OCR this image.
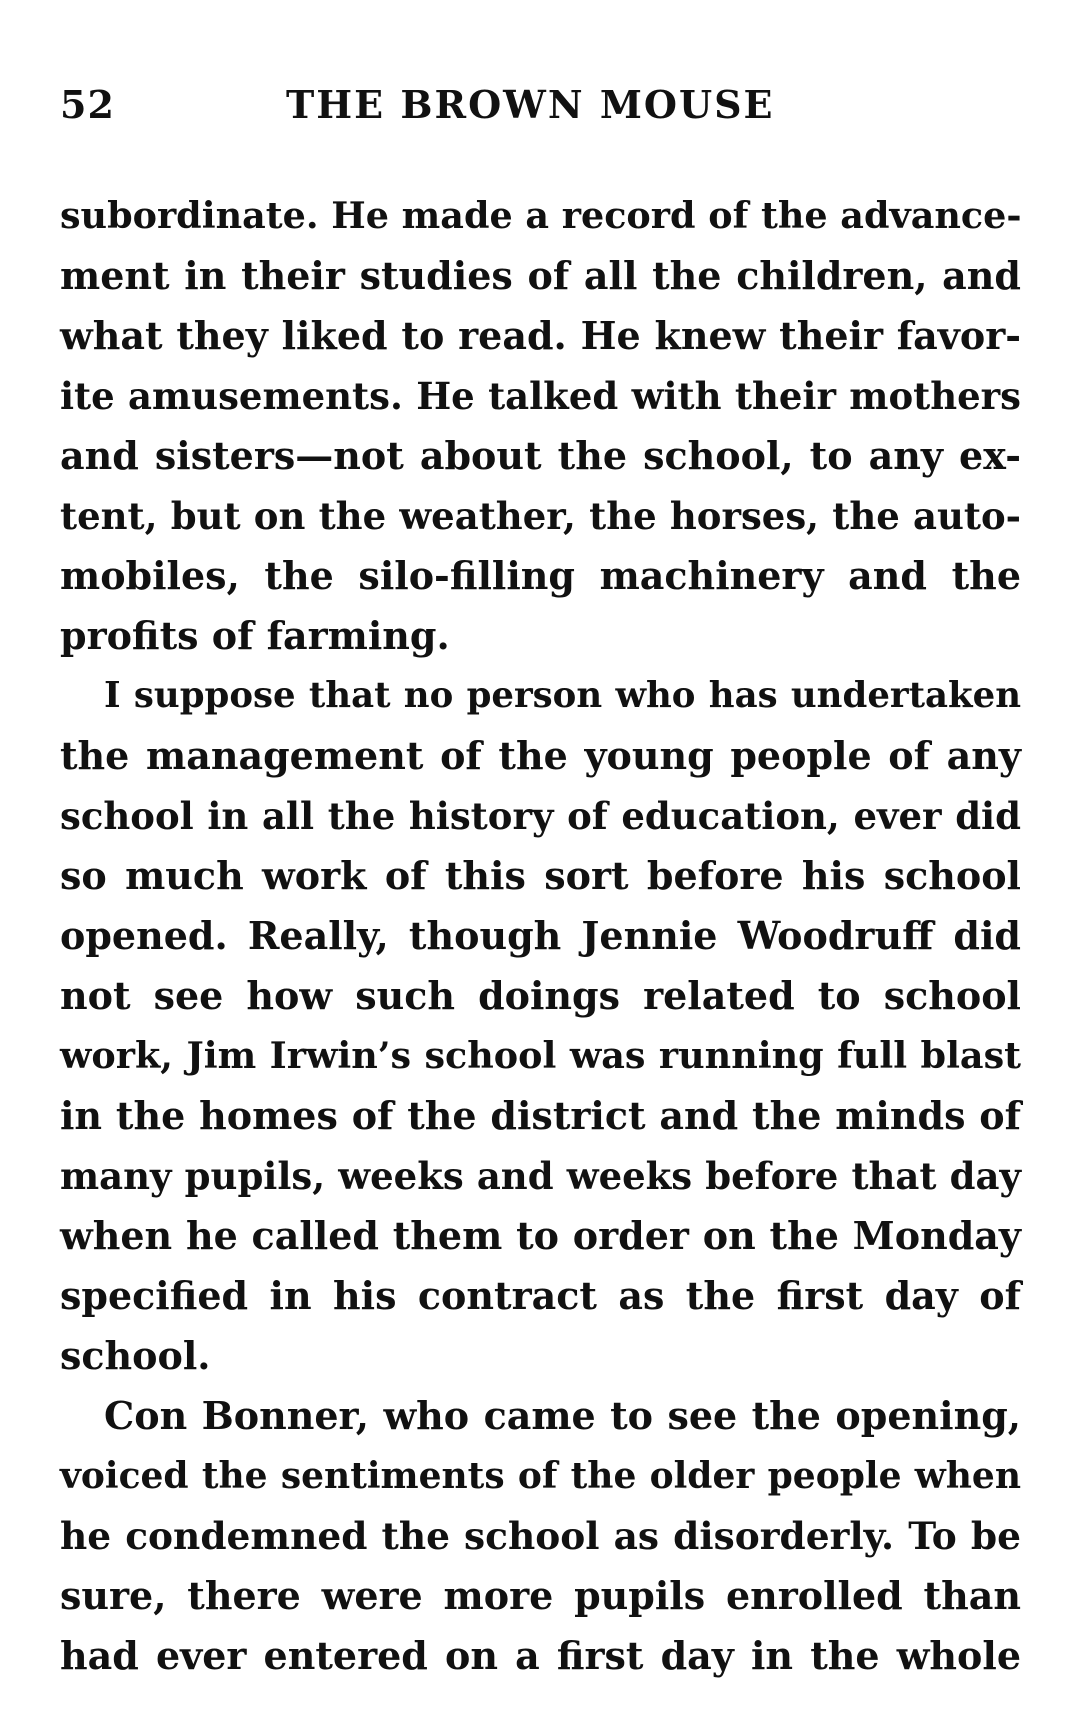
52	THE BROWN MOUSE
subordinate. He made a record of the advance-
ment in their studies of all the children, and
what they liked to read. He knew their favor-
ite amusements. He talked with their mothers
and sisters—not about the school, to any ex-
tent, but on the weather, the horses, the auto-
mobiles, the silo-filling machinery and the
profits of farming.
I suppose that no person who has undertaken
the management of the young people of any
school in all the history of education, ever did
so much work of this sort before his school
opened. Really, though Jennie Woodruff did
not see how such doings related to school
work, Jim Irwin’s school was running full blast
in the homes of the district and the minds of
many pupils, weeks and weeks before that day
when he called them to order on the Monday
specified in his contract as the first day of
school.
Con Bonner, who came to see the opening,
voiced the sentiments of the older people when
he condemned the school as disorderly. To be
sure, there were more pupils enrolled than
had ever entered on a first day in the whole
